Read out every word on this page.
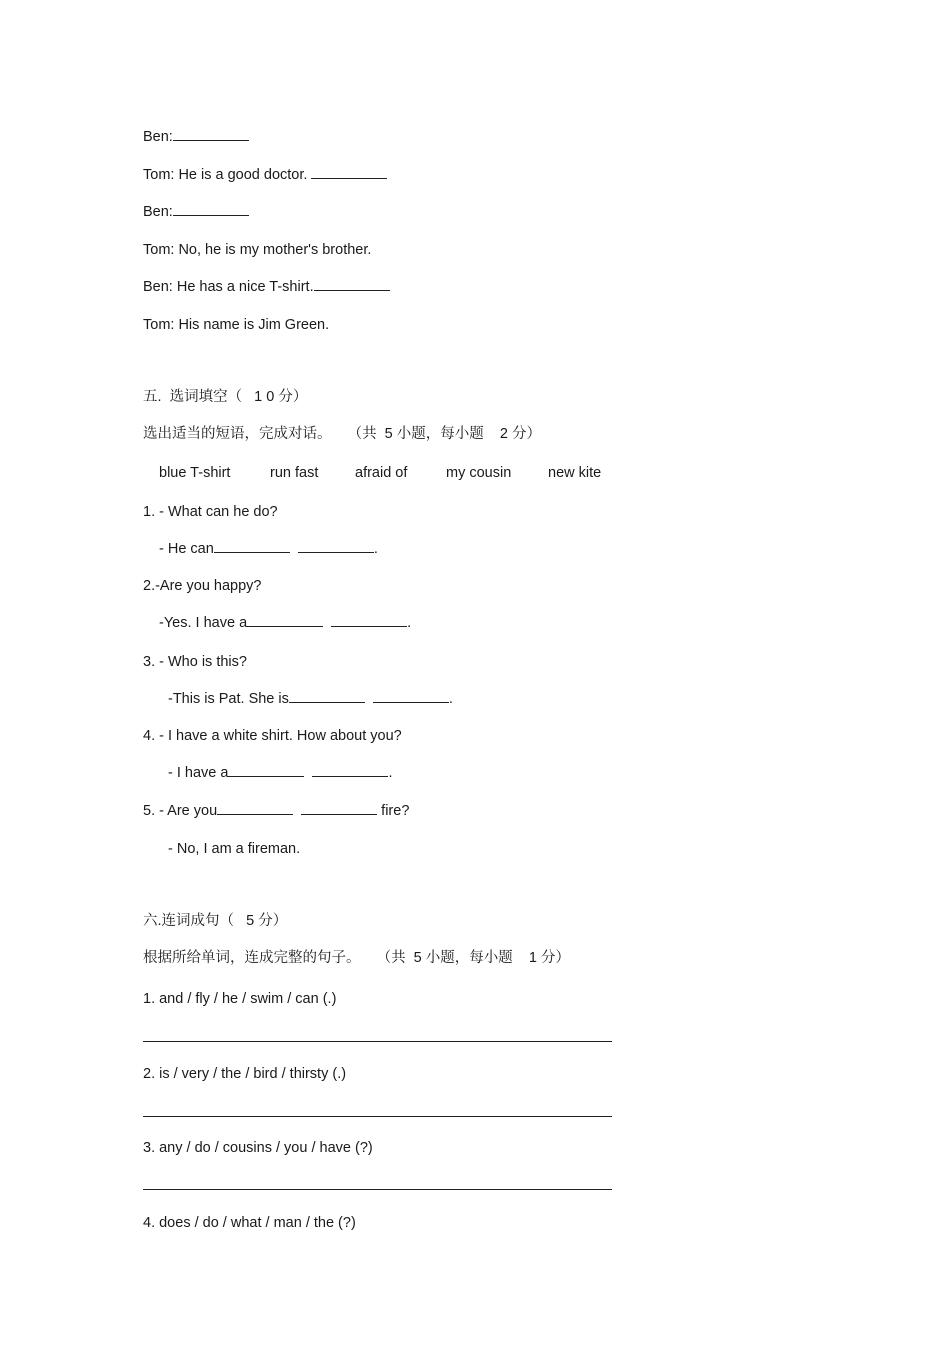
Ben:
Tom: He is a good doctor.
Ben:
Tom: No, he is my mother's brother.
Ben: He has a nice T-shirt.
Tom: His name is Jim Green.
五.  选词填空（   1 0 分）
选出适当的短语，完成对话。    （共  5 小题，每小题    2 分）
blue T-shirt	run fast	afraid of	my cousin	new kite
1. - What can he do?
- He can	.
2.-Are you happy?
-Yes. I have a	.
3. - Who is this?
-This is Pat. She is	.
4. - I have a white shirt. How about you?
- I have a	.
5. - Are you	fire?
- No, I am a fireman.
六.连词成句（   5 分）
根据所给单词，连成完整的句子。    （共  5 小题，每小题    1 分）
1. and / fly / he / swim / can (.)
2. is / very / the / bird / thirsty (.)
3. any / do / cousins / you / have (?)
4. does / do / what / man / the (?)
